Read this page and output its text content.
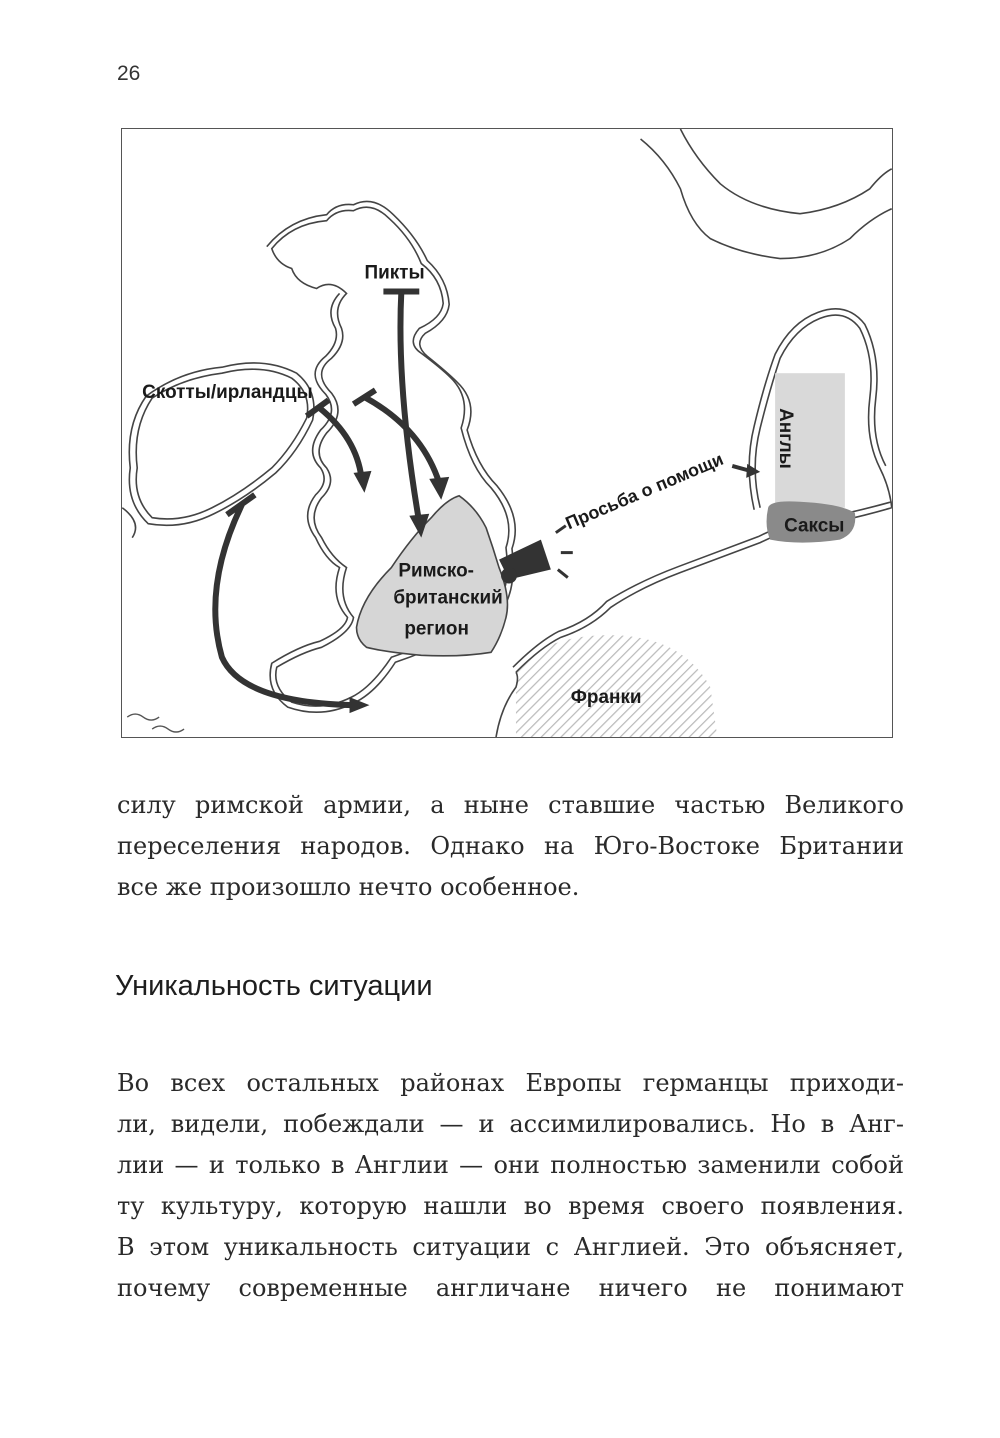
26
Англы
Саксы
Римско-
британский
регион
Просьба о помощи
Пикты
Скотты/ирландцы
Франки

силу римской армии, а ныне ставшие частью Великого
переселения народов. Однако на Юго-Востоке Британии
все же произошло нечто особенное.

Уникальность ситуации

Во всех остальных районах Европы германцы приходи-
ли, видели, побеждали — и ассимилировались. Но в Анг-
лии — и только в Англии — они полностью заменили собой
ту культуру, которую нашли во время своего появления.
В этом уникальность ситуации с Англией. Это объясняет,
почему современные англичане ничего не понимают
